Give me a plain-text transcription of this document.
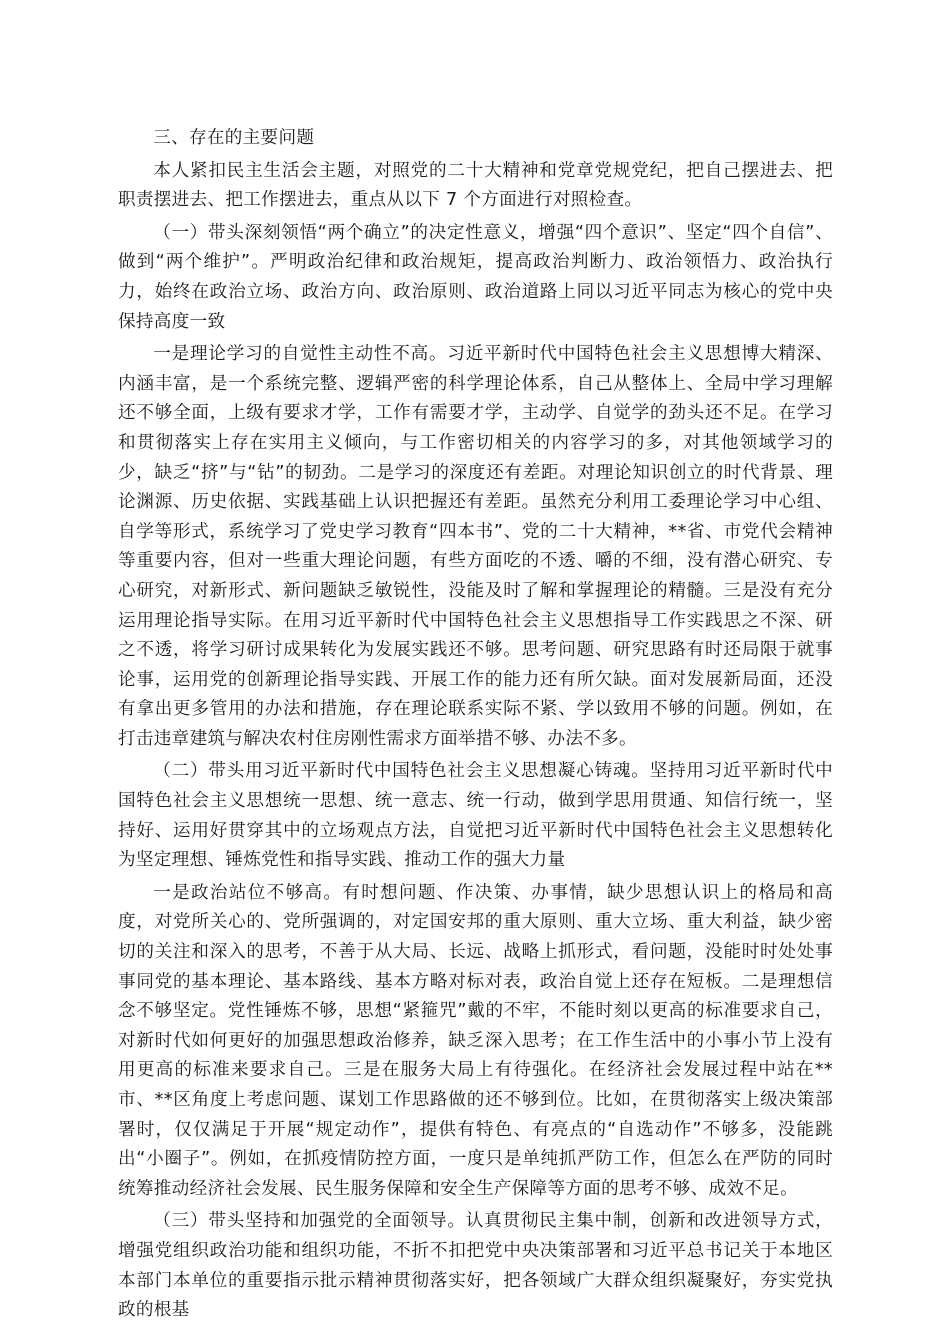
三、存在的主要问题

本人紧扣民主生活会主题，对照党的二十大精神和党章党规党纪，把自己摆进去、把职责摆进去、把工作摆进去，重点从以下 7 个方面进行对照检查。

（一）带头深刻领悟“两个确立”的决定性意义，增强“四个意识”、坚定“四个自信”、做到“两个维护”。严明政治纪律和政治规矩，提高政治判断力、政治领悟力、政治执行力，始终在政治立场、政治方向、政治原则、政治道路上同以习近平同志为核心的党中央保持高度一致

一是理论学习的自觉性主动性不高。习近平新时代中国特色社会主义思想博大精深、内涵丰富，是一个系统完整、逻辑严密的科学理论体系，自己从整体上、全局中学习理解还不够全面，上级有要求才学，工作有需要才学，主动学、自觉学的劲头还不足。在学习和贯彻落实上存在实用主义倾向，与工作密切相关的内容学习的多，对其他领域学习的少，缺乏“挤”与“钻”的韧劲。二是学习的深度还有差距。对理论知识创立的时代背景、理论渊源、历史依据、实践基础上认识把握还有差距。虽然充分利用工委理论学习中心组、自学等形式，系统学习了党史学习教育“四本书”、党的二十大精神，**省、市党代会精神等重要内容，但对一些重大理论问题，有些方面吃的不透、嚼的不细，没有潜心研究、专心研究，对新形式、新问题缺乏敏锐性，没能及时了解和掌握理论的精髓。三是没有充分运用理论指导实际。在用习近平新时代中国特色社会主义思想指导工作实践思之不深、研之不透，将学习研讨成果转化为发展实践还不够。思考问题、研究思路有时还局限于就事论事，运用党的创新理论指导实践、开展工作的能力还有所欠缺。面对发展新局面，还没有拿出更多管用的办法和措施，存在理论联系实际不紧、学以致用不够的问题。例如，在打击违章建筑与解决农村住房刚性需求方面举措不够、办法不多。

（二）带头用习近平新时代中国特色社会主义思想凝心铸魂。坚持用习近平新时代中国特色社会主义思想统一思想、统一意志、统一行动，做到学思用贯通、知信行统一，坚持好、运用好贯穿其中的立场观点方法，自觉把习近平新时代中国特色社会主义思想转化为坚定理想、锤炼党性和指导实践、推动工作的强大力量

一是政治站位不够高。有时想问题、作决策、办事情，缺少思想认识上的格局和高度，对党所关心的、党所强调的，对定国安邦的重大原则、重大立场、重大利益，缺少密切的关注和深入的思考，不善于从大局、长远、战略上抓形式，看问题，没能时时处处事事同党的基本理论、基本路线、基本方略对标对表，政治自觉上还存在短板。二是理想信念不够坚定。党性锤炼不够，思想“紧箍咒”戴的不牢，不能时刻以更高的标准要求自己，对新时代如何更好的加强思想政治修养，缺乏深入思考；在工作生活中的小事小节上没有用更高的标准来要求自己。三是在服务大局上有待强化。在经济社会发展过程中站在**市、**区角度上考虑问题、谋划工作思路做的还不够到位。比如，在贯彻落实上级决策部署时，仅仅满足于开展“规定动作”，提供有特色、有亮点的“自选动作”不够多，没能跳出“小圈子”。例如，在抓疫情防控方面，一度只是单纯抓严防工作，但怎么在严防的同时统筹推动经济社会发展、民生服务保障和安全生产保障等方面的思考不够、成效不足。

（三）带头坚持和加强党的全面领导。认真贯彻民主集中制，创新和改进领导方式，增强党组织政治功能和组织功能，不折不扣把党中央决策部署和习近平总书记关于本地区本部门本单位的重要指示批示精神贯彻落实好，把各领域广大群众组织凝聚好，夯实党执政的根基
